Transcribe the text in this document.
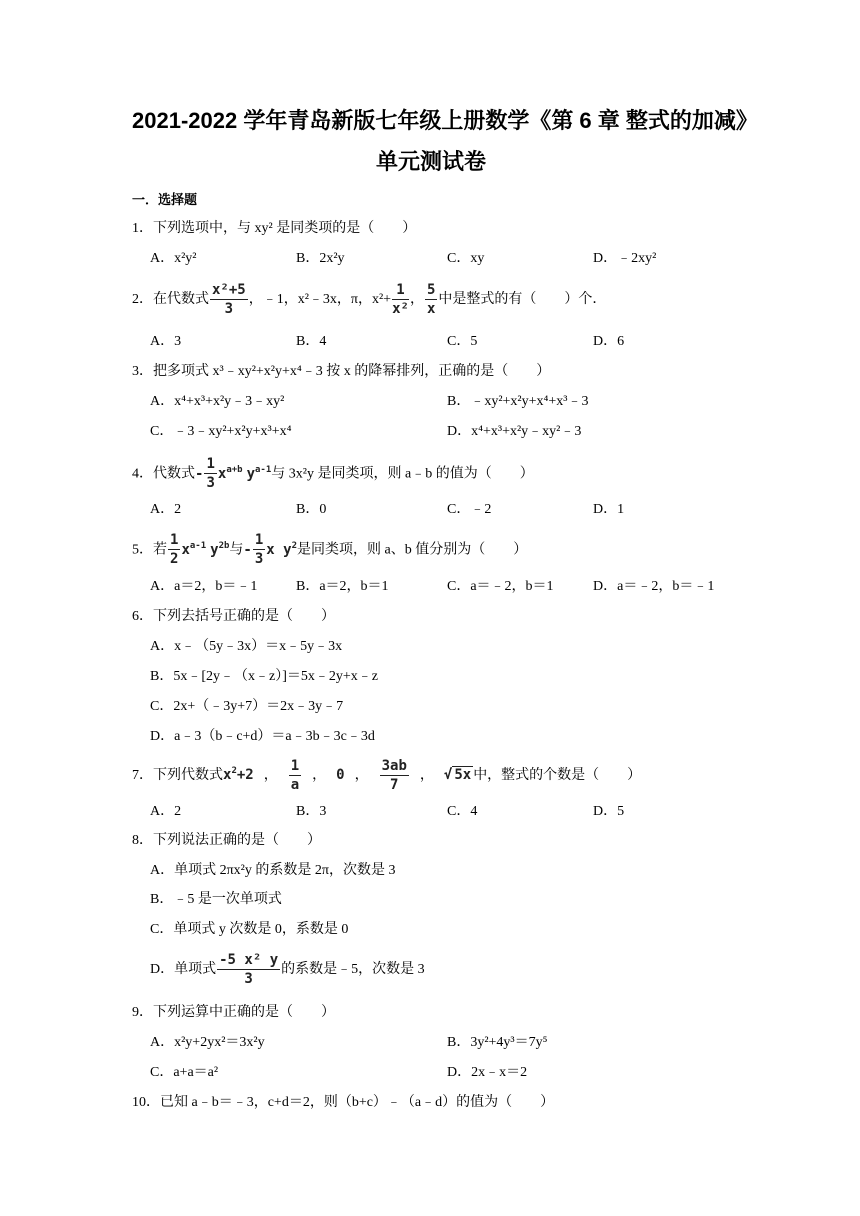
2021-2022 学年青岛新版七年级上册数学《第 6 章 整式的加减》
单元测试卷
一．选择题
1．下列选项中，与 xy² 是同类项的是（　　）
A．x²y²	B．2x²y	C．xy	D．﹣2xy²
2．在代数式 $\frac{\text{x²+5}}{3}$ ，﹣1，x²﹣3x，π，$x^2+ \frac{1}{\text{x²}}$ ， $\frac{5}{x}$ 中是整式的有（　　）个．
A．3	B．4	C．5	D．6
3．把多项式 x³﹣xy²+x²y+x⁴﹣3 按 x 的降幂排列，正确的是（　　）
A．x⁴+x³+x²y﹣3﹣xy²	B．﹣xy²+x²y+x⁴+x³﹣3
C．﹣3﹣xy²+x²y+x³+x⁴	D．x⁴+x³+x²y﹣xy²﹣3
4．代数式- $\frac{1}{3} x^{a+b}$ $y^{a-1}$与 3x²y 是同类项，则 a﹣b 的值为（　　）
A．2	B．0	C．﹣2	D．1
5．若 $\frac{1}{2} x^{a-1}$ $y^{2b}$与- $\frac{1}{3}$ x $y^2$是同类项，则 a、b 值分别为（　　）
A．a＝2，b＝﹣1	B．a＝2，b＝1	C．a＝﹣2，b＝1	D．a＝﹣2，b＝﹣1
6．下列去括号正确的是（　　）
A．x﹣（5y﹣3x）＝x﹣5y﹣3x
B．5x﹣[2y﹣（x﹣z）]＝5x﹣2y+x﹣z
C．2x+（﹣3y+7）＝2x﹣3y﹣7
D．a﹣3（b﹣c+d）＝a﹣3b﹣3c﹣3d
7．下列代数式$x^2+2$ ， $\frac{1}{a}$ ， 0 ， $\frac{3ab}{7}$ ， √ 5x 中，整式的个数是（　　）
A．2	B．3	C．4	D．5
8．下列说法正确的是（　　）
A．单项式 2πx²y 的系数是 2π，次数是 3
B．﹣5 是一次单项式
C．单项式 y 次数是 0，系数是 0
D．单项式 $\frac{\text{-5 x² y}}{3}$ 的系数是﹣5，次数是 3
9．下列运算中正确的是（　　）
A．x²y+2yx²＝3x²y	B．3y²+4y³＝7y⁵
C．a+a＝a²	D．2x﹣x＝2
10．已知 a﹣b＝﹣3，c+d＝2，则（b+c）﹣（a﹣d）的值为（　　）
